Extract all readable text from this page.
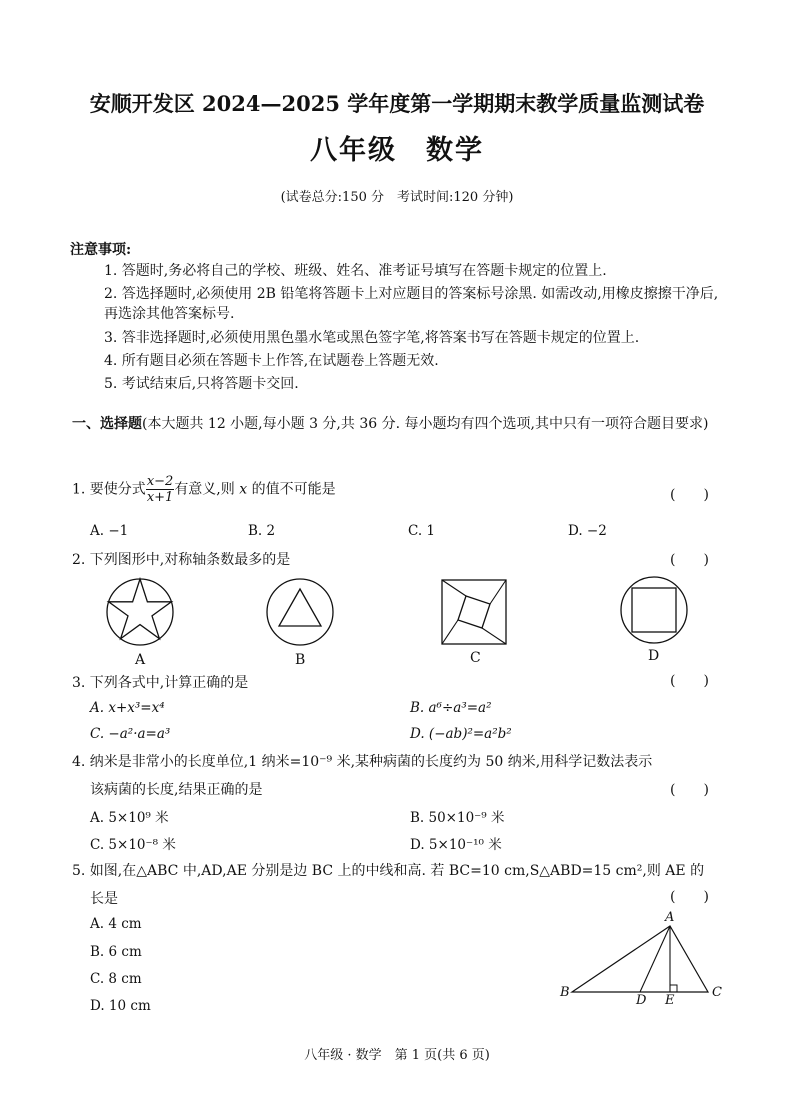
安顺开发区 2024—2025 学年度第一学期期末教学质量监测试卷
八年级　数学
(试卷总分:150 分　考试时间:120 分钟)
注意事项:
1. 答题时,务必将自己的学校、班级、姓名、准考证号填写在答题卡规定的位置上.
2. 答选择题时,必须使用 2B 铅笔将答题卡上对应题目的答案标号涂黑. 如需改动,用橡皮擦擦干净后,再选涂其他答案标号.
3. 答非选择题时,必须使用黑色墨水笔或黑色签字笔,将答案书写在答题卡规定的位置上.
4. 所有题目必须在答题卡上作答,在试题卷上答题无效.
5. 考试结束后,只将答题卡交回.
一、选择题(本大题共 12 小题,每小题 3 分,共 36 分. 每小题均有四个选项,其中只有一项符合题目要求)
1. 要使分式 $\frac{x-2}{x+1}$ 有意义,则 x 的值不可能是	(　　)
A. −1	B. 2	C. 1	D. −2
2. 下列图形中,对称轴条数最多的是	(　　)
A	B	C	D
3. 下列各式中,计算正确的是	(　　)
A. x+x³=x⁴	B. a⁶÷a³=a²
C. −a²·a=a³	D. (−ab)²=a²b²
4. 纳米是非常小的长度单位,1 纳米=10⁻⁹ 米,某种病菌的长度约为 50 纳米,用科学记数法表示
该病菌的长度,结果正确的是	(　　)
A. 5×10⁹ 米	B. 50×10⁻⁹ 米
C. 5×10⁻⁸ 米	D. 5×10⁻¹⁰ 米
5. 如图,在△ABC 中,AD,AE 分别是边 BC 上的中线和高. 若 BC=10 cm,S△ABD=15 cm²,则 AE 的
长是	(　　)
A. 4 cm
B. 6 cm
C. 8 cm
D. 10 cm
A
B
D E
C
八年级 · 数学　第 1 页(共 6 页)
